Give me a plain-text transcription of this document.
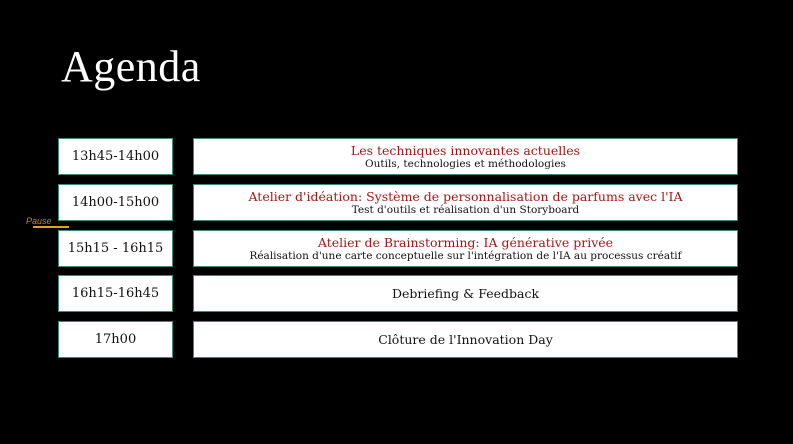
Agenda
Pause
13h45-14h00	Les techniques innovantes actuelles
Outils, technologies et méthodologies
14h00-15h00	Atelier d'idéation: Système de personnalisation de parfums avec l'IA
Test d'outils et réalisation d'un Storyboard
15h15 - 16h15	Atelier de Brainstorming: IA générative privée
Réalisation d'une carte conceptuelle sur l'intégration de l'IA au processus créatif
16h15-16h45	Debriefing & Feedback
17h00	Clôture de l'Innovation Day
